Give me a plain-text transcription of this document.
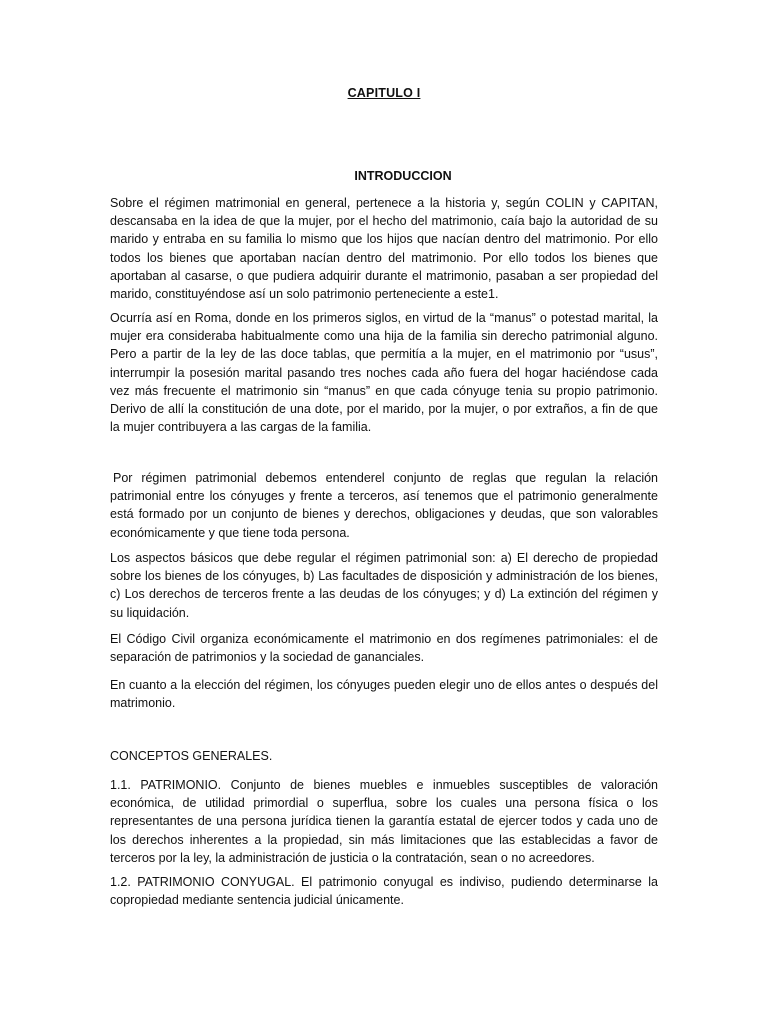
CAPITULO I
INTRODUCCION

Sobre el régimen matrimonial en general, pertenece a la historia y, según COLIN y CAPITAN, descansaba en la idea de que la mujer, por el hecho del matrimonio, caía bajo la autoridad de su marido y entraba en su familia lo mismo que los hijos que nacían dentro del matrimonio. Por ello todos los bienes que aportaban nacían dentro del matrimonio. Por ello todos los bienes que aportaban al casarse, o que pudiera adquirir durante el matrimonio, pasaban a ser propiedad del marido, constituyéndose así un solo patrimonio perteneciente a este1.

Ocurría así en Roma, donde en los primeros siglos, en virtud de la “manus” o potestad marital, la mujer era consideraba habitualmente como una hija de la familia sin derecho patrimonial alguno. Pero a partir de la ley de las doce tablas, que permitía a la mujer, en el matrimonio por “usus”, interrumpir la posesión marital pasando tres noches cada año fuera del hogar haciéndose cada vez más frecuente el matrimonio sin “manus” en que cada cónyuge tenia su propio patrimonio. Derivo de allí la constitución de una dote, por el marido, por la mujer, o por extraños, a fin de que la mujer contribuyera a las cargas de la familia.

Por régimen patrimonial debemos entenderel conjunto de reglas que regulan la relación patrimonial entre los cónyuges y frente a terceros, así tenemos que el patrimonio generalmente está formado por un conjunto de bienes y derechos, obligaciones y deudas, que son valorables económicamente y que tiene toda persona.

Los aspectos básicos que debe regular el régimen patrimonial son: a) El derecho de propiedad sobre los bienes de los cónyuges, b) Las facultades de disposición y administración de los bienes, c) Los derechos de terceros frente a las deudas de los cónyuges; y d) La extinción del régimen y su liquidación.

El Código Civil organiza económicamente el matrimonio en dos regímenes patrimoniales: el de separación de patrimonios y la sociedad de gananciales.

En cuanto a la elección del régimen, los cónyuges pueden elegir uno de ellos antes o después del matrimonio.

CONCEPTOS GENERALES.

1.1. PATRIMONIO. Conjunto de bienes muebles e inmuebles susceptibles de valoración económica, de utilidad primordial o superflua, sobre los cuales una persona física o los representantes de una persona jurídica tienen la garantía estatal de ejercer todos y cada uno de los derechos inherentes a la propiedad, sin más limitaciones que las establecidas a favor de terceros por la ley, la administración de justicia o la contratación, sean o no acreedores.

1.2. PATRIMONIO CONYUGAL. El patrimonio conyugal es indiviso, pudiendo determinarse la copropiedad mediante sentencia judicial únicamente.
